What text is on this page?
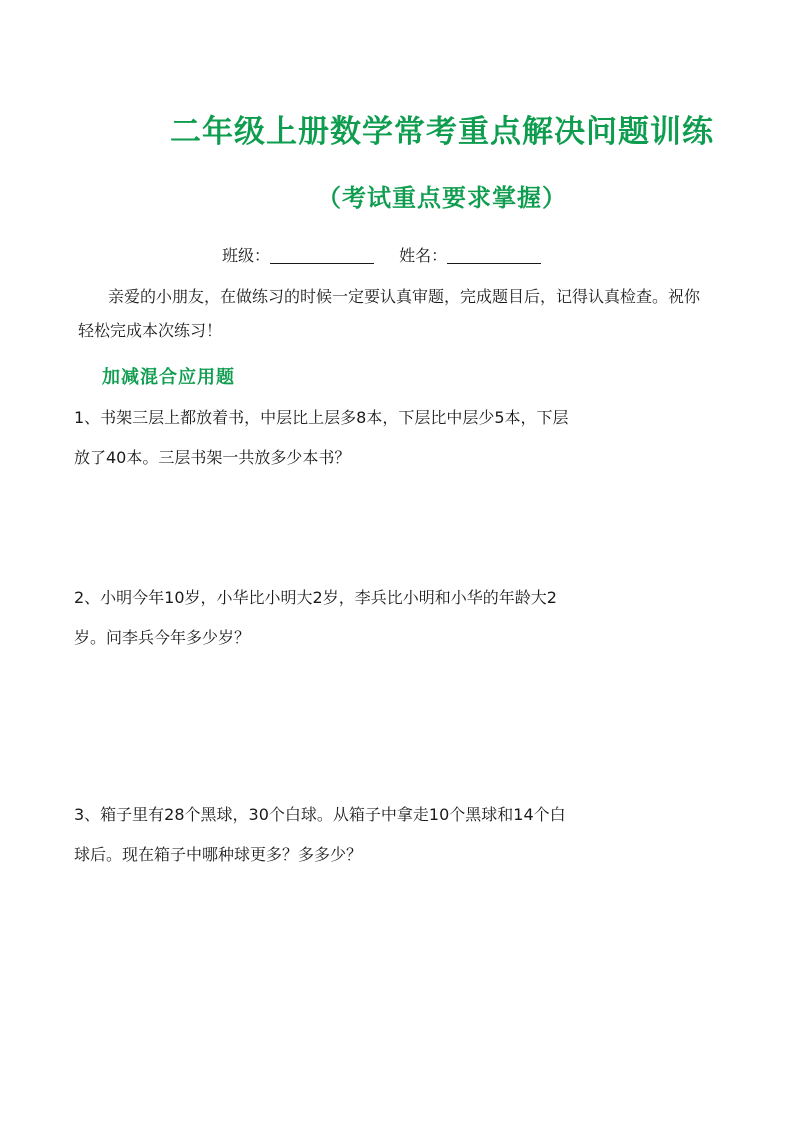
二年级上册数学常考重点解决问题训练
（考试重点要求掌握）
班级：	姓名：
亲爱的小朋友，在做练习的时候一定要认真审题，完成题目后，记得认真检查。祝你
轻松完成本次练习！
加减混合应用题
1、书架三层上都放着书，中层比上层多8本，下层比中层少5本，下层
放了40本。三层书架一共放多少本书？
2、小明今年10岁，小华比小明大2岁，李兵比小明和小华的年龄大2
岁。问李兵今年多少岁？
3、箱子里有28个黑球，30个白球。从箱子中拿走10个黑球和14个白
球后。现在箱子中哪种球更多？多多少？
